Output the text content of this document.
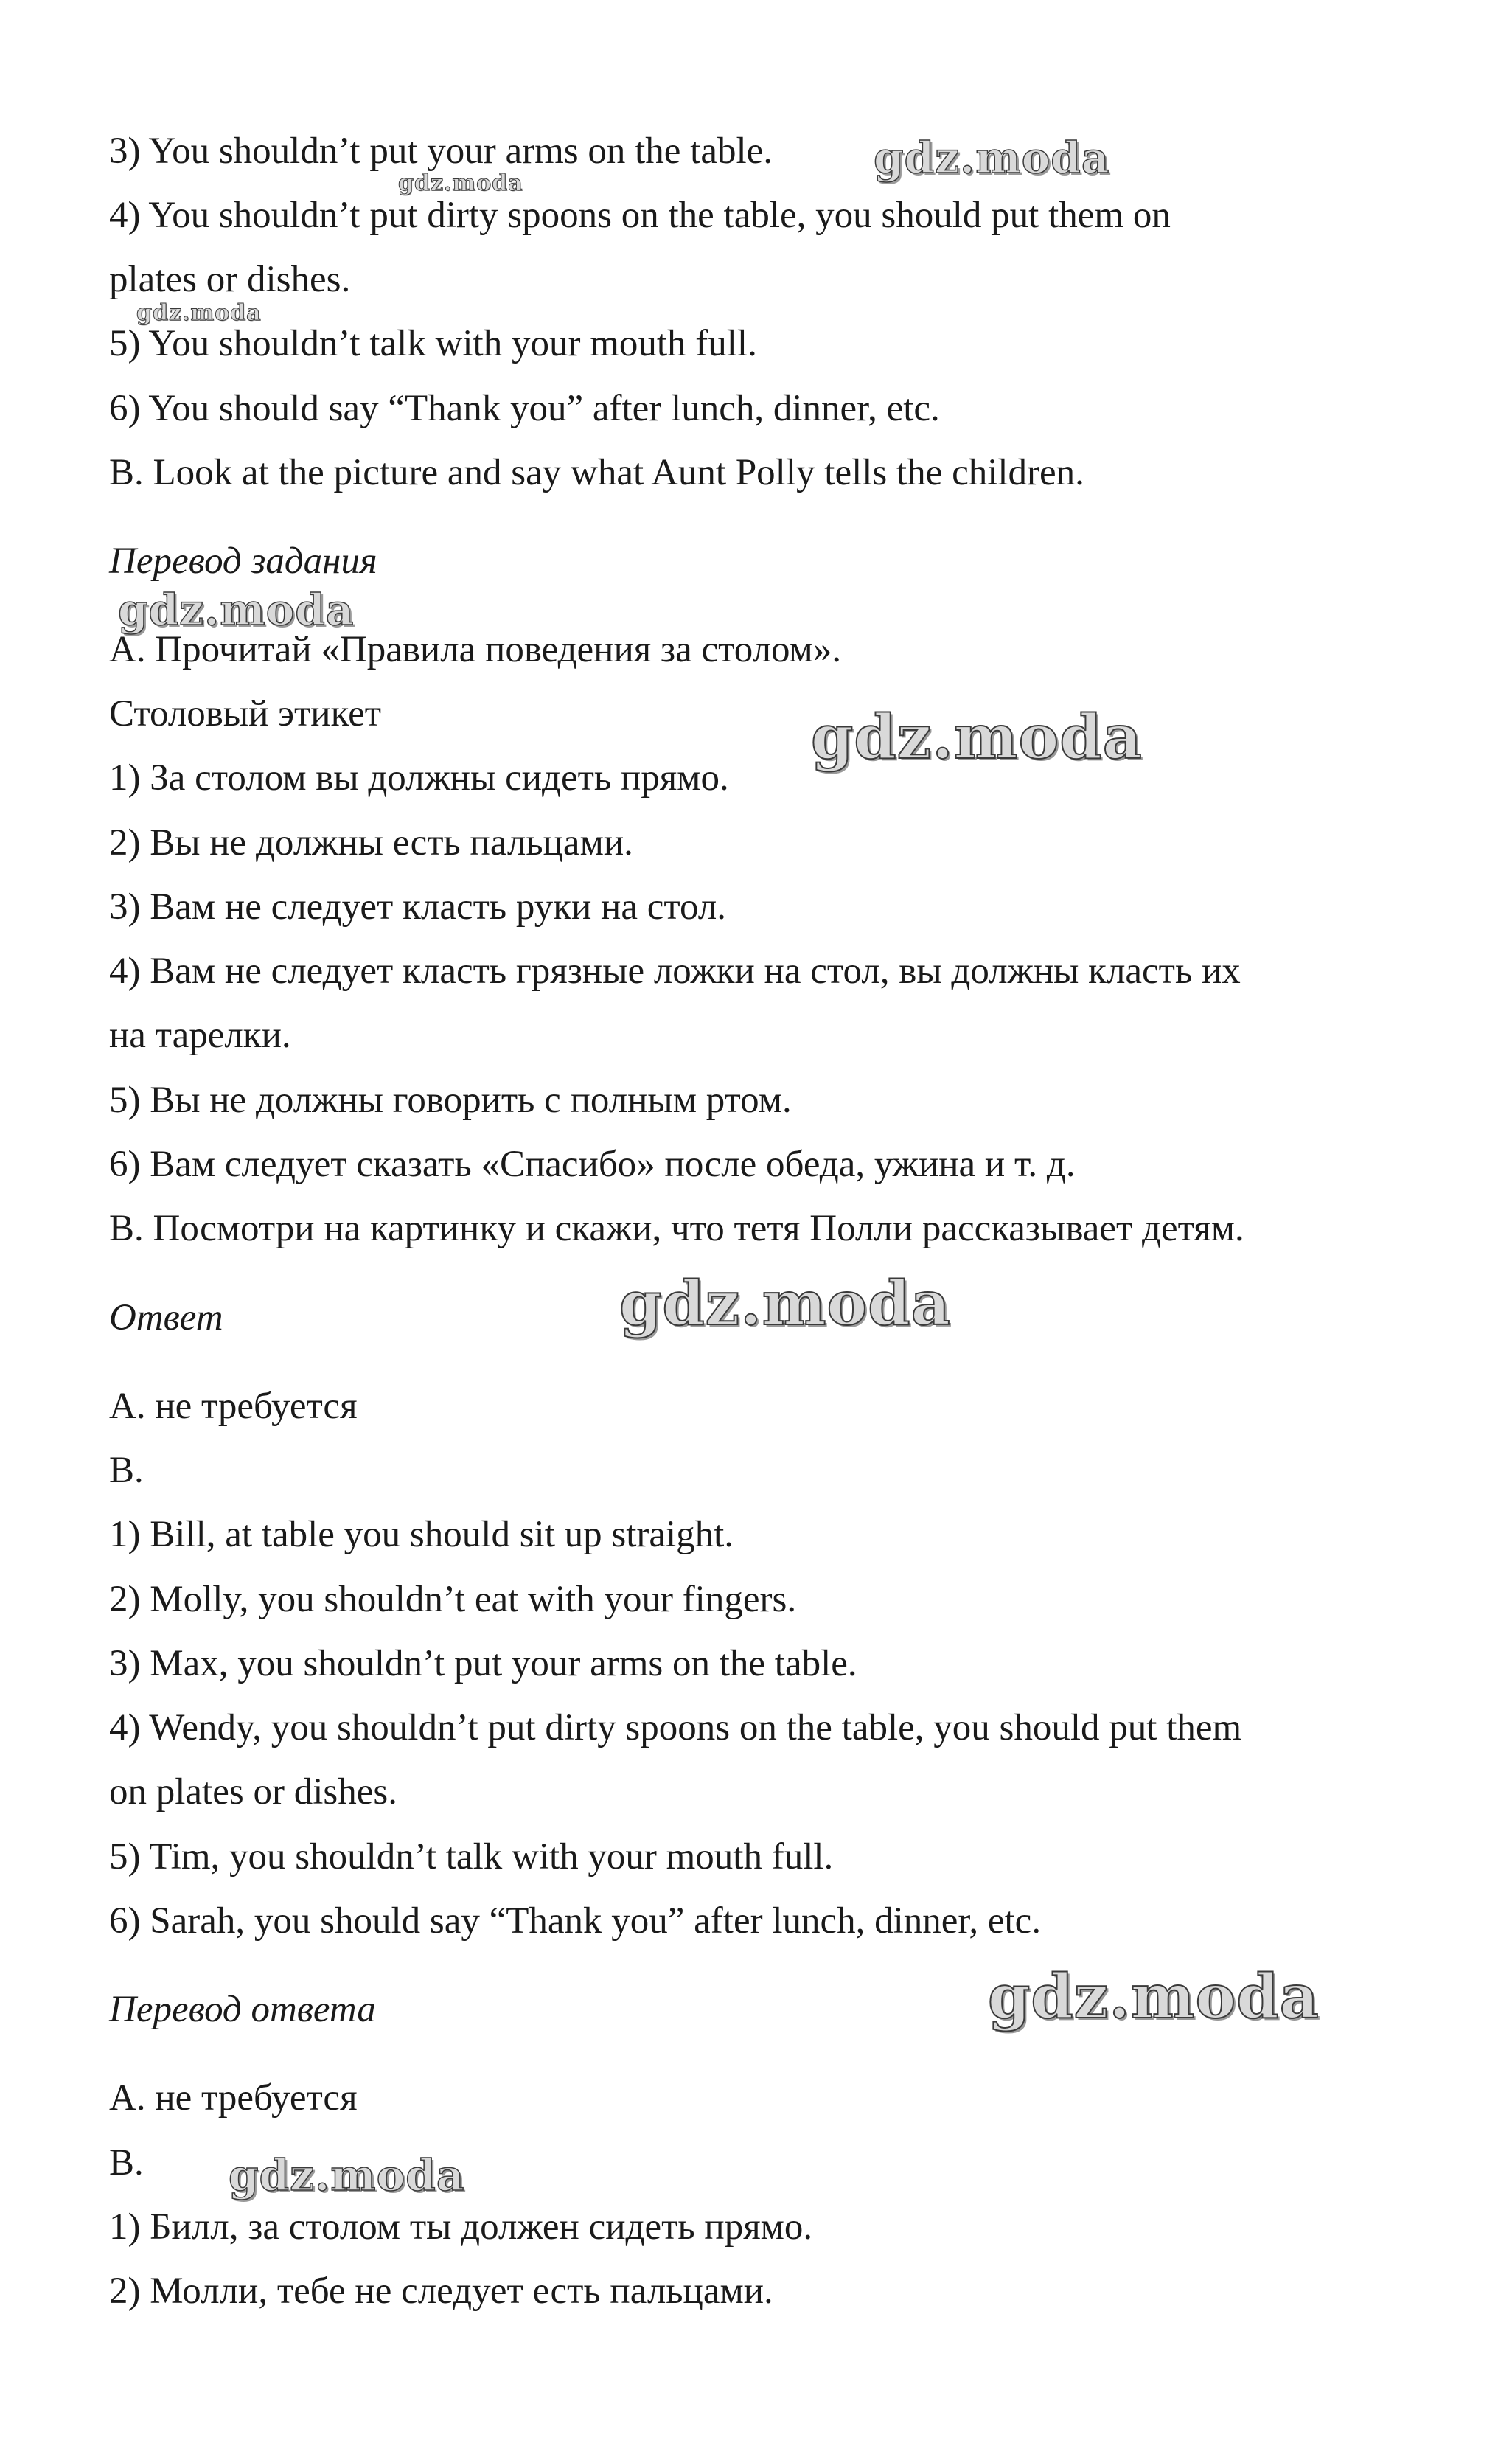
3) You shouldn’t put your arms on the table.

4) You shouldn’t put dirty spoons on the table, you should put them on

plates or dishes.

5) You shouldn’t talk with your mouth full.

6) You should say “Thank you” after lunch, dinner, etc.

B. Look at the picture and say what Aunt Polly tells the children.

Перевод задания

А. Прочитай «Правила поведения за столом».

Столовый этикет

1) За столом вы должны сидеть прямо.

2) Вы не должны есть пальцами.

3) Вам не следует класть руки на стол.

4) Вам не следует класть грязные ложки на стол, вы должны класть их

на тарелки.

5) Вы не должны говорить с полным ртом.

6) Вам следует сказать «Спасибо» после обеда, ужина и т. д.

В. Посмотри на картинку и скажи, что тетя Полли рассказывает детям.

Ответ

А. не требуется

В.

1) Bill, at table you should sit up straight.

2) Molly, you shouldn’t eat with your fingers.

3) Max, you shouldn’t put your arms on the table.

4) Wendy, you shouldn’t put dirty spoons on the table, you should put them

on plates or dishes.

5) Tim, you shouldn’t talk with your mouth full.

6) Sarah, you should say “Thank you” after lunch, dinner, etc.

Перевод ответа

А. не требуется

В.

1) Билл, за столом ты должен сидеть прямо.

2) Молли, тебе не следует есть пальцами.

gdz.moda
gdz.moda
gdz.moda
gdz.moda
gdz.moda
gdz.moda
gdz.moda
gdz.moda
